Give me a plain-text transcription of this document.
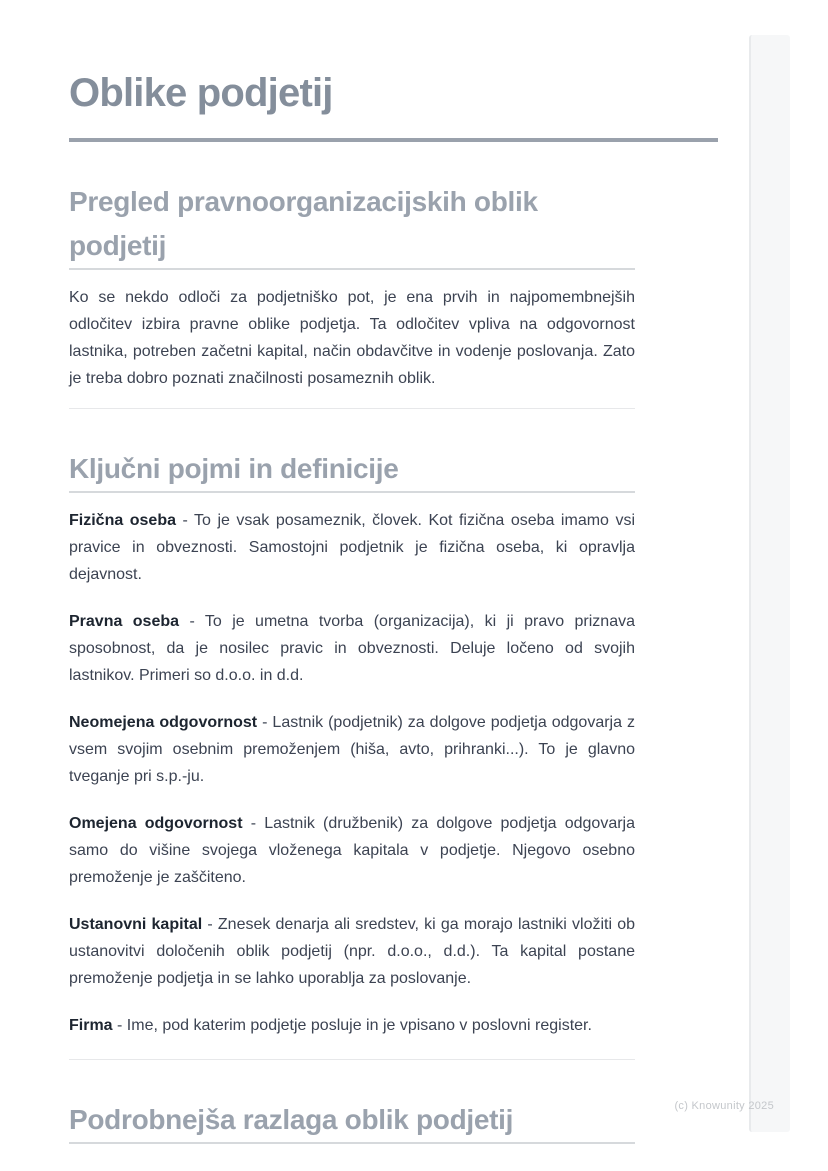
Oblike podjetij
Pregled pravnoorganizacijskih oblik podjetij

Ko se nekdo odloči za podjetniško pot, je ena prvih in najpomembnejših odločitev izbira pravne oblike podjetja. Ta odločitev vpliva na odgovornost lastnika, potreben začetni kapital, način obdavčitve in vodenje poslovanja. Zato je treba dobro poznati značilnosti posameznih oblik.

Ključni pojmi in definicije

Fizična oseba - To je vsak posameznik, človek. Kot fizična oseba imamo vsi pravice in obveznosti. Samostojni podjetnik je fizična oseba, ki opravlja dejavnost.

Pravna oseba - To je umetna tvorba (organizacija), ki ji pravo priznava sposobnost, da je nosilec pravic in obveznosti. Deluje ločeno od svojih lastnikov. Primeri so d.o.o. in d.d.

Neomejena odgovornost - Lastnik (podjetnik) za dolgove podjetja odgovarja z vsem svojim osebnim premoženjem (hiša, avto, prihranki...). To je glavno tveganje pri s.p.-ju.

Omejena odgovornost - Lastnik (družbenik) za dolgove podjetja odgovarja samo do višine svojega vloženega kapitala v podjetje. Njegovo osebno premoženje je zaščiteno.

Ustanovni kapital - Znesek denarja ali sredstev, ki ga morajo lastniki vložiti ob ustanovitvi določenih oblik podjetij (npr. d.o.o., d.d.). Ta kapital postane premoženje podjetja in se lahko uporablja za poslovanje.

Firma - Ime, pod katerim podjetje posluje in je vpisano v poslovni register.

Podrobnejša razlaga oblik podjetij	(c) Knowunity 2025
